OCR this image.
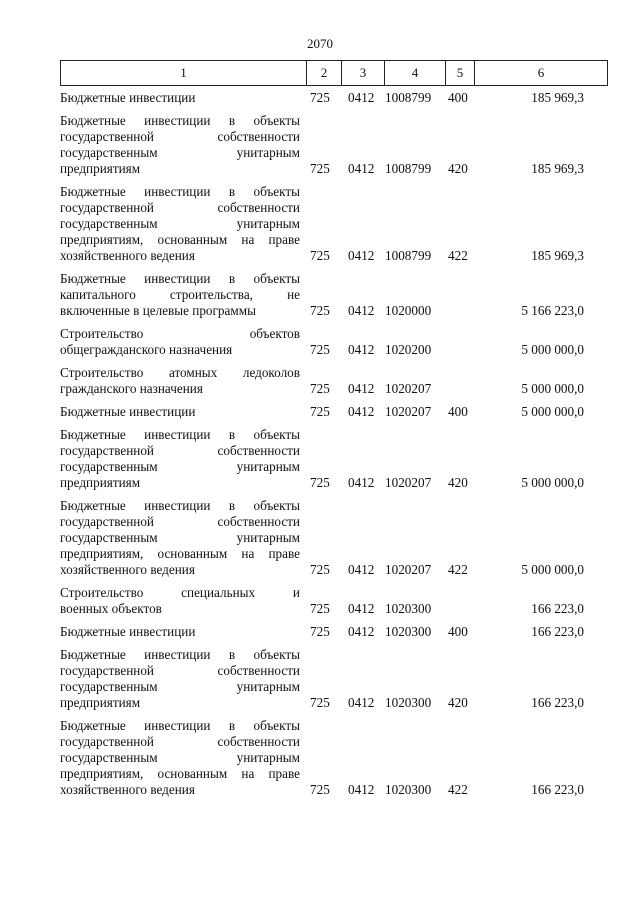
2070
1	2	3	4	5	6
Бюджетные инвестиции	725 0412 1008799 400	185 969,3
Бюджетные инвестиции в объекты
государственной собственности
государственным унитарным
предприятиям	725 0412 1008799 420	185 969,3
Бюджетные инвестиции в объекты
государственной собственности
государственным унитарным
предприятиям, основанным на праве
хозяйственного ведения	725 0412 1008799 422	185 969,3
Бюджетные инвестиции в объекты
капитального строительства, не
включенные в целевые программы	725 0412 1020000	5 166 223,0
Строительство объектов
общегражданского назначения	725 0412 1020200	5 000 000,0
Строительство атомных ледоколов
гражданского назначения	725 0412 1020207	5 000 000,0
Бюджетные инвестиции	725 0412 1020207 400	5 000 000,0
Бюджетные инвестиции в объекты
государственной собственности
государственным унитарным
предприятиям	725 0412 1020207 420	5 000 000,0
Бюджетные инвестиции в объекты
государственной собственности
государственным унитарным
предприятиям, основанным на праве
хозяйственного ведения	725 0412 1020207 422	5 000 000,0
Строительство специальных и
военных объектов	725 0412 1020300	166 223,0
Бюджетные инвестиции	725 0412 1020300 400	166 223,0
Бюджетные инвестиции в объекты
государственной собственности
государственным унитарным
предприятиям	725 0412 1020300 420	166 223,0
Бюджетные инвестиции в объекты
государственной собственности
государственным унитарным
предприятиям, основанным на праве
хозяйственного ведения	725 0412 1020300 422	166 223,0
